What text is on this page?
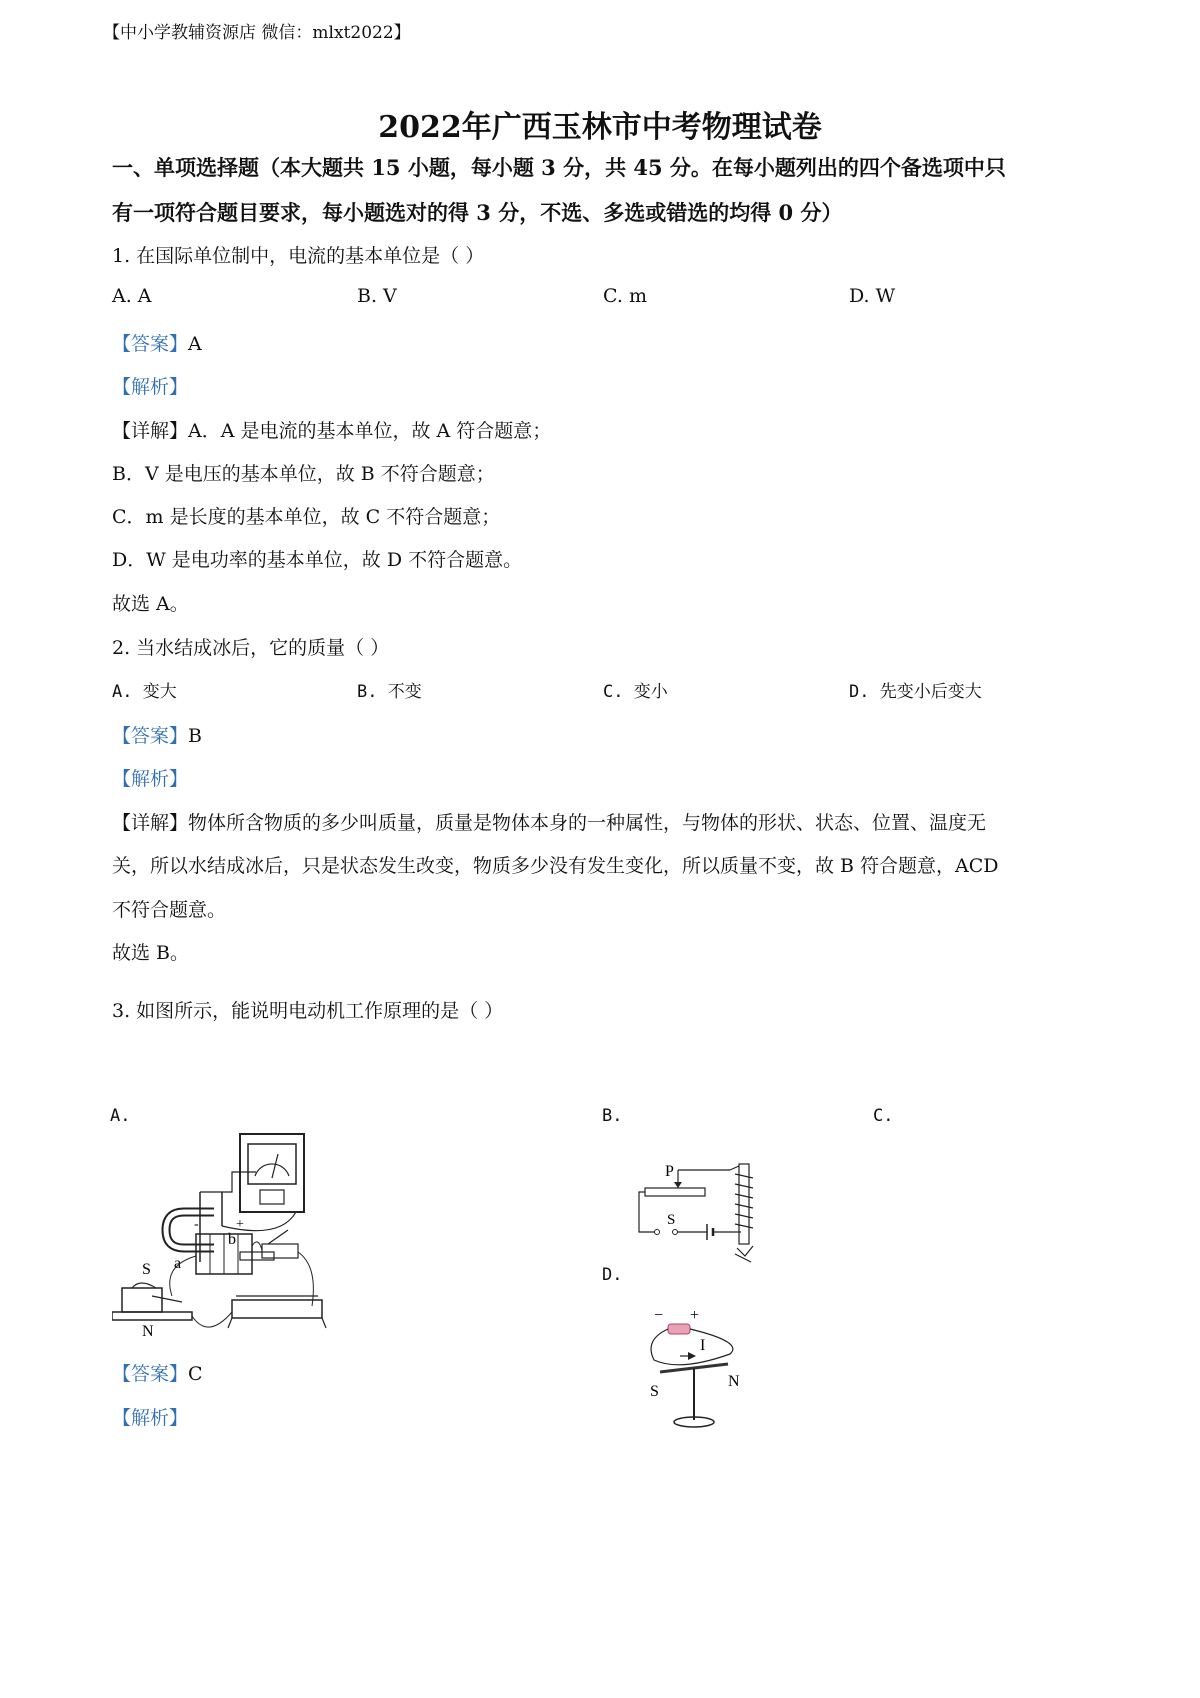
【中小学教辅资源店 微信：mlxt2022】
2022年广西玉林市中考物理试卷
一、单项选择题（本大题共 15 小题，每小题 3 分，共 45 分。在每小题列出的四个备选项中只
有一项符合题目要求，每小题选对的得 3 分，不选、多选或错选的均得 0 分）
1. 在国际单位制中，电流的基本单位是（ ）
A. A	B. V	C. m	D. W
【答案】A
【解析】
【详解】A．A 是电流的基本单位，故 A 符合题意；
B．V 是电压的基本单位，故 B 不符合题意；
C．m 是长度的基本单位，故 C 不符合题意；
D．W 是电功率的基本单位，故 D 不符合题意。
故选 A。
2. 当水结成冰后，它的质量（ ）
A. 变大	B. 不变	C. 变小	D. 先变小后变大
【答案】B
【解析】
【详解】物体所含物质的多少叫质量，质量是物体本身的一种属性，与物体的形状、状态、位置、温度无
关，所以水结成冰后，只是状态发生改变，物质多少没有发生变化，所以质量不变，故 B 符合题意，ACD
不符合题意。
故选 B。
3. 如图所示，能说明电动机工作原理的是（ ）
A.	B.	C.
D.
a
b
P
S
-	+
S
N
− +
I
S
N
【答案】C
【解析】
